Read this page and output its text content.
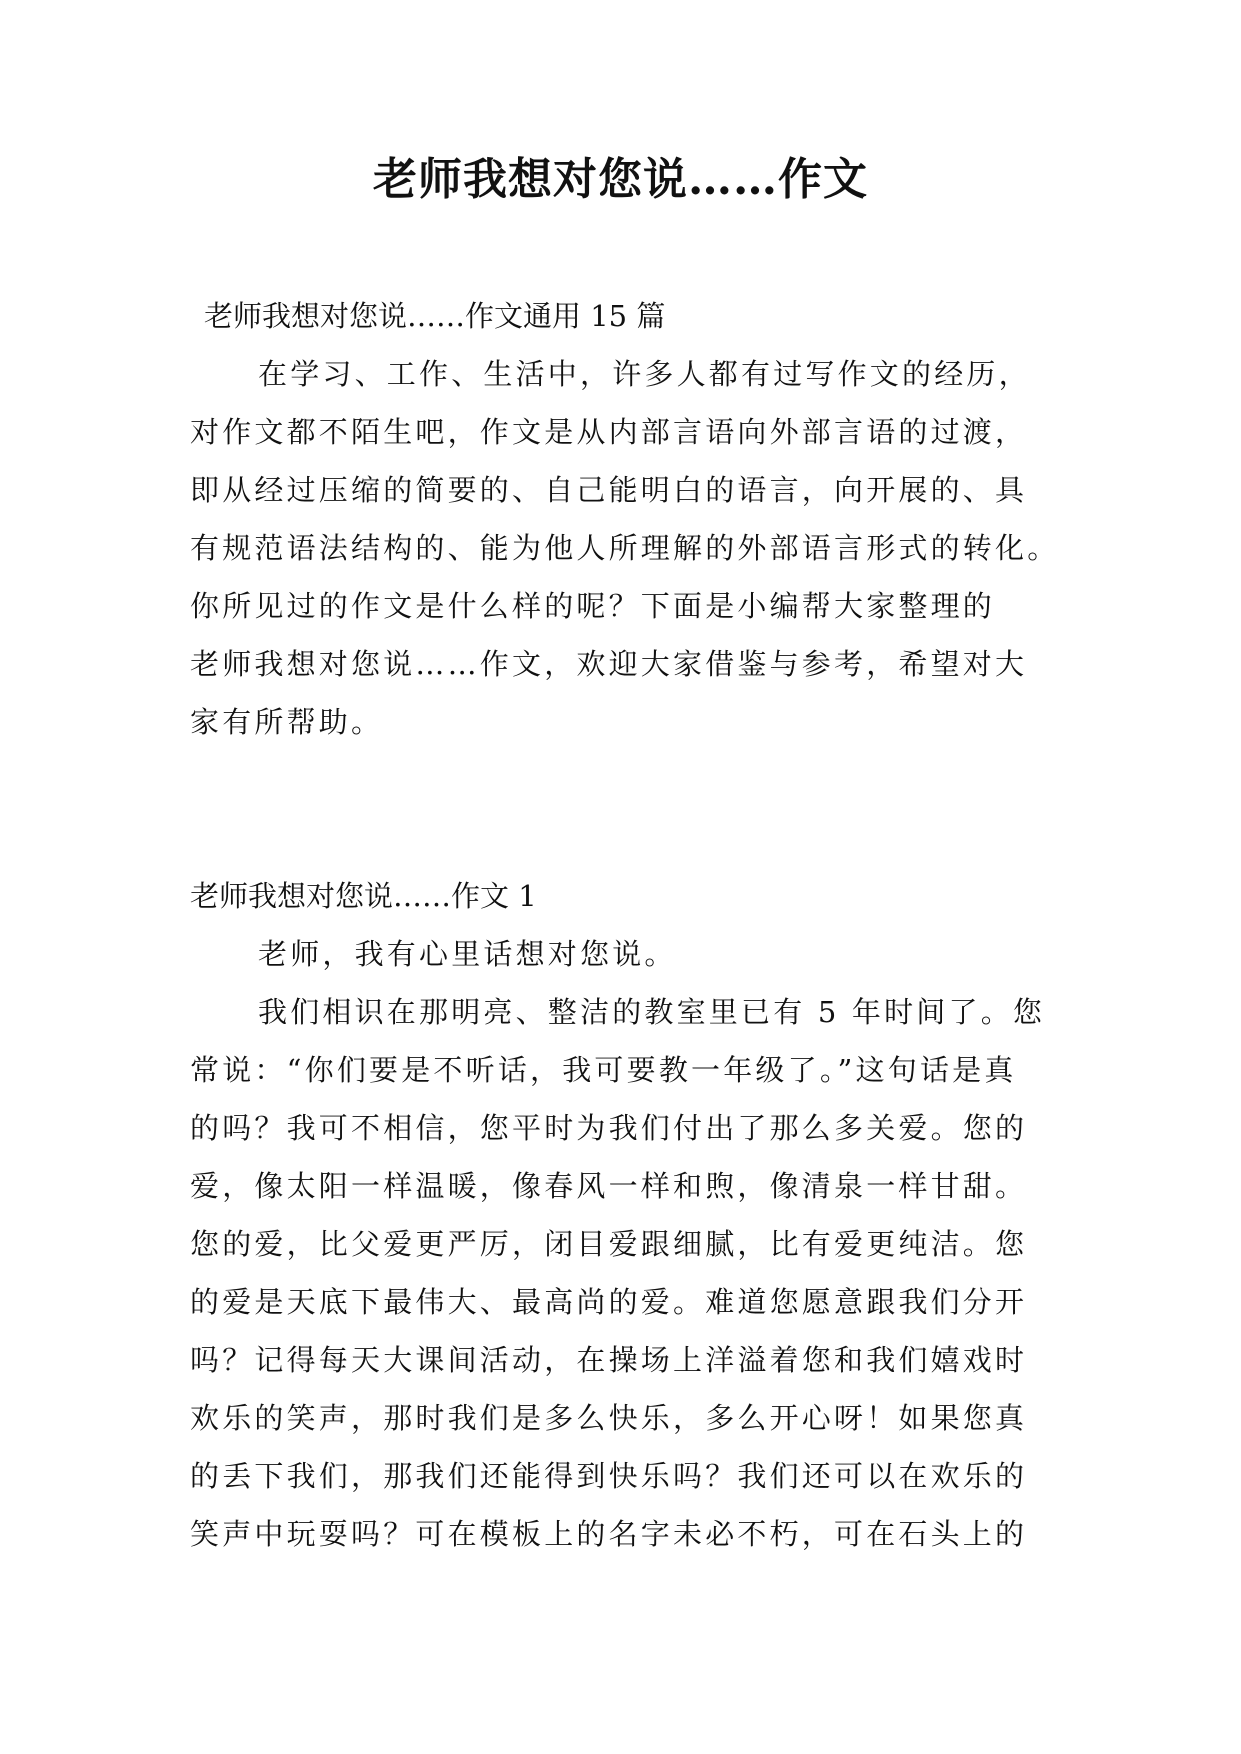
老师我想对您说……作文

老师我想对您说……作文通用 15 篇

在学习、工作、生活中，许多人都有过写作文的经历，

对作文都不陌生吧，作文是从内部言语向外部言语的过渡，

即从经过压缩的简要的、自己能明白的语言，向开展的、具

有规范语法结构的、能为他人所理解的外部语言形式的转化。

你所见过的作文是什么样的呢？下面是小编帮大家整理的

老师我想对您说……作文，欢迎大家借鉴与参考，希望对大

家有所帮助。

老师我想对您说……作文 1

老师，我有心里话想对您说。

我们相识在那明亮、整洁的教室里已有 5 年时间了。您

常说：“你们要是不听话，我可要教一年级了。”这句话是真

的吗？我可不相信，您平时为我们付出了那么多关爱。您的

爱，像太阳一样温暖，像春风一样和煦，像清泉一样甘甜。

您的爱，比父爱更严厉，闭目爱跟细腻，比有爱更纯洁。您

的爱是天底下最伟大、最高尚的爱。难道您愿意跟我们分开

吗？记得每天大课间活动，在操场上洋溢着您和我们嬉戏时

欢乐的笑声，那时我们是多么快乐，多么开心呀！如果您真

的丢下我们，那我们还能得到快乐吗？我们还可以在欢乐的

笑声中玩耍吗？可在模板上的名字未必不朽，可在石头上的
